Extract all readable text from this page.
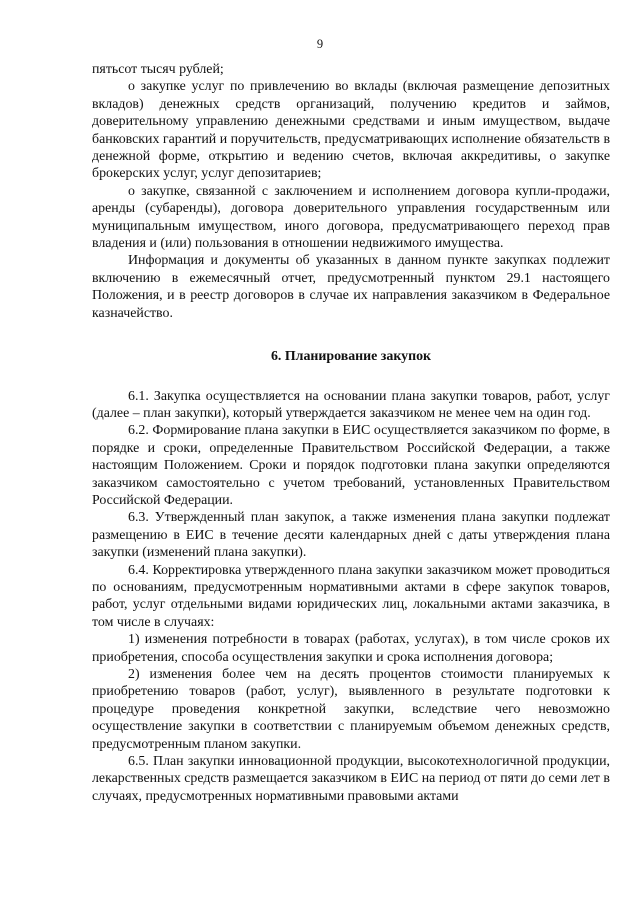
9

пятьсот тысяч рублей;

о закупке услуг по привлечению во вклады (включая размещение депозитных вкладов) денежных средств организаций, получению кредитов и займов, доверительному управлению денежными средствами и иным имуществом, выдаче банковских гарантий и поручительств, предусматривающих исполнение обязательств в денежной форме, открытию и ведению счетов, включая аккредитивы, о закупке брокерских услуг, услуг депозитариев;

о закупке, связанной с заключением и исполнением договора купли-продажи, аренды (субаренды), договора доверительного управления государственным или муниципальным имуществом, иного договора, предусматривающего переход прав владения и (или) пользования в отношении недвижимого имущества.

Информация и документы об указанных в данном пункте закупках подлежит включению в ежемесячный отчет, предусмотренный пунктом 29.1 настоящего Положения, и в реестр договоров в случае их направления заказчиком в Федеральное казначейство.

6. Планирование закупок

6.1. Закупка осуществляется на основании плана закупки товаров, работ, услуг (далее – план закупки), который утверждается заказчиком не менее чем на один год.

6.2. Формирование плана закупки в ЕИС осуществляется заказчиком по форме, в порядке и сроки, определенные Правительством Российской Федерации, а также настоящим Положением. Сроки и порядок подготовки плана закупки определяются заказчиком самостоятельно с учетом требований, установленных Правительством Российской Федерации.

6.3. Утвержденный план закупок, а также изменения плана закупки подлежат размещению в ЕИС в течение десяти календарных дней с даты утверждения плана закупки (изменений плана закупки).

6.4. Корректировка утвержденного плана закупки заказчиком может проводиться по основаниям, предусмотренным нормативными актами в сфере закупок товаров, работ, услуг отдельными видами юридических лиц, локальными актами заказчика, в том числе в случаях:

1) изменения потребности в товарах (работах, услугах), в том числе сроков их приобретения, способа осуществления закупки и срока исполнения договора;

2) изменения более чем на десять процентов стоимости планируемых к приобретению товаров (работ, услуг), выявленного в результате подготовки к процедуре проведения конкретной закупки, вследствие чего невозможно осуществление закупки в соответствии с планируемым объемом денежных средств, предусмотренным планом закупки.

6.5. План закупки инновационной продукции, высокотехнологичной продукции, лекарственных средств размещается заказчиком в ЕИС на период от пяти до семи лет в случаях, предусмотренных нормативными правовыми актами
